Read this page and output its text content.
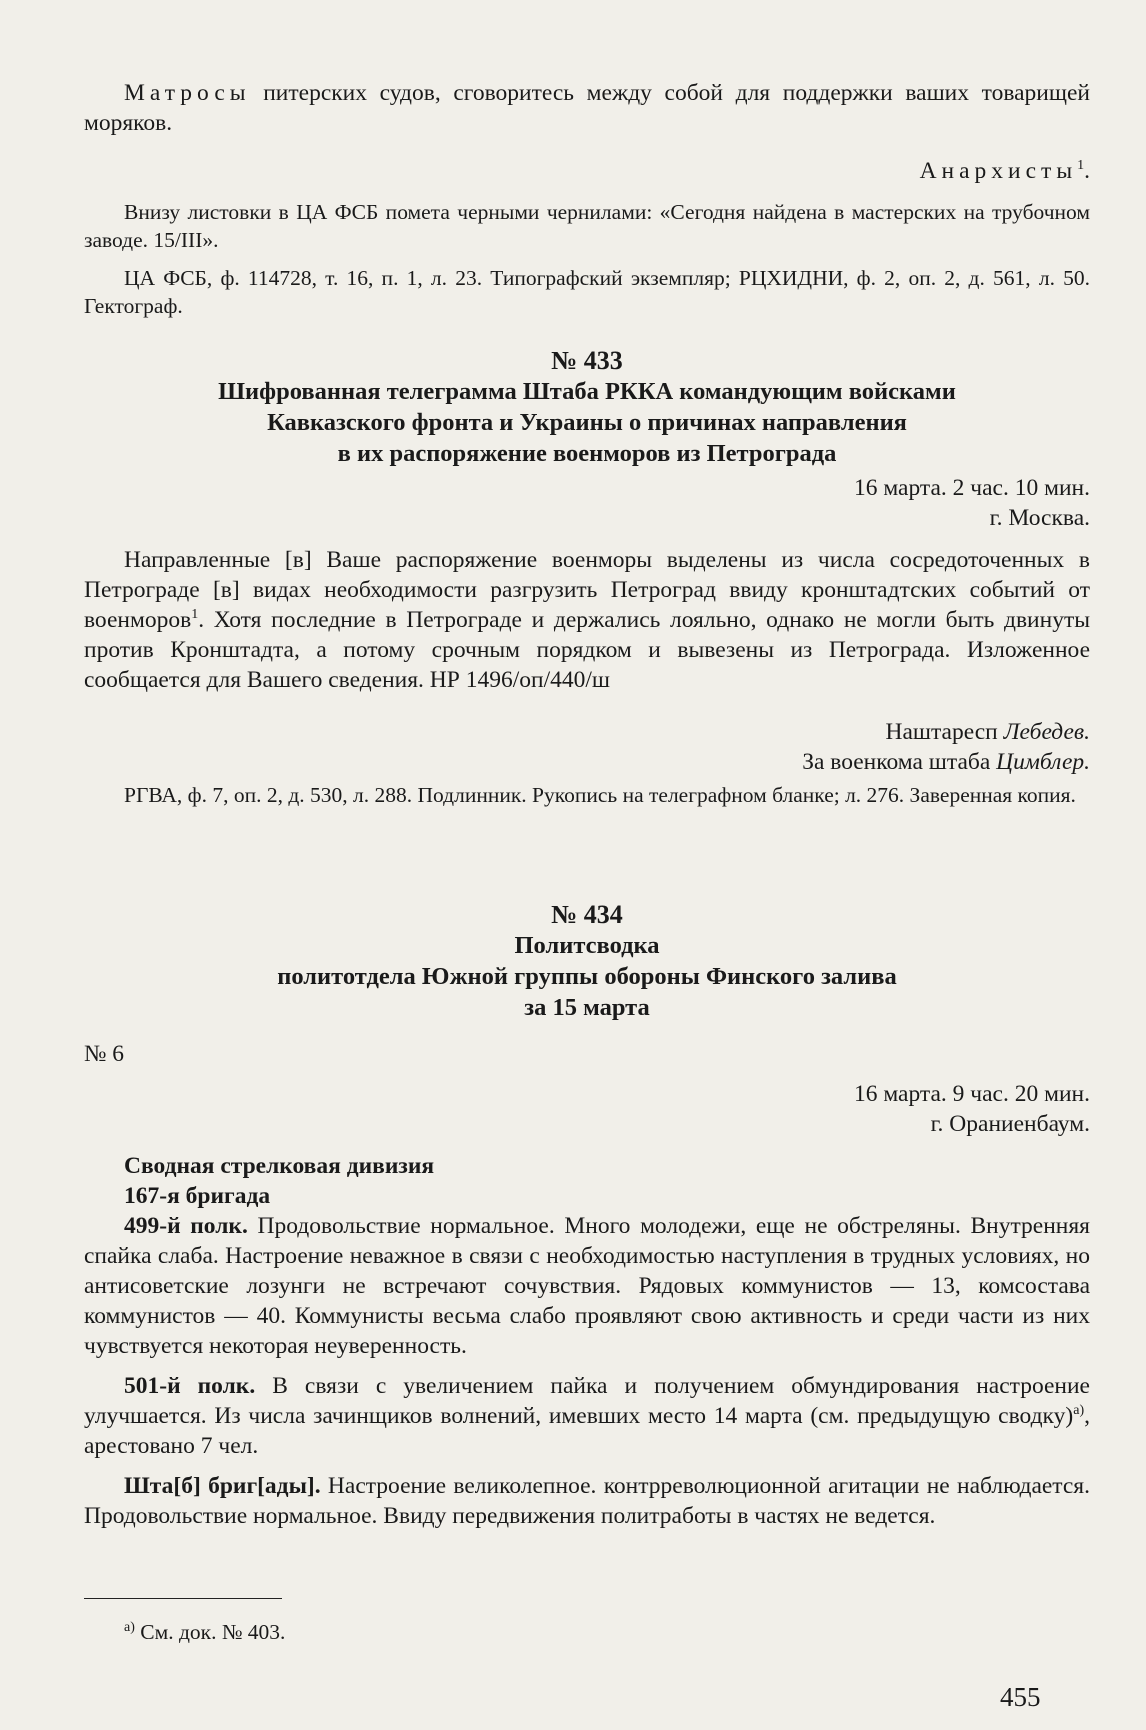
Матросы питерских судов, сговоритесь между собой для поддержки ваших товарищей моряков.

Анархисты$^1$.

Внизу листовки в ЦА ФСБ помета черными чернилами: «Сегодня найдена в мастерских на трубочном заводе. 15/III».

ЦА ФСБ, ф. 114728, т. 16, п. 1, л. 23. Типографский экземпляр; РЦХИДНИ, ф. 2, оп. 2, д. 561, л. 50. Гектограф.

№ 433

Шифрованная телеграмма Штаба РККА командующим войсками

Кавказского фронта и Украины о причинах направления

в их распоряжение военморов из Петрограда

16 марта. 2 час. 10 мин.

г. Москва.

Направленные [в] Ваше распоряжение военморы выделены из числа сосредоточенных в Петрограде [в] видах необходимости разгрузить Петроград ввиду кронштадтских событий от военморов$^1$. Хотя последние в Петрограде и держались лояльно, однако не могли быть двинуты против Кронштадта, а потому срочным порядком и вывезены из Петрограда. Изложенное сообщается для Вашего сведения. НР 1496/оп/440/ш

Наштаресп Лебедев.

За военкома штаба Цимблер.

РГВА, ф. 7, оп. 2, д. 530, л. 288. Подлинник. Рукопись на телеграфном бланке; л. 276. Заверенная копия.

№ 434

Политсводка

политотдела Южной группы обороны Финского залива

за 15 марта

№ 6

16 марта. 9 час. 20 мин.

г. Ораниенбаум.

Сводная стрелковая дивизия

167-я бригада

499-й полк. Продовольствие нормальное. Много молодежи, еще не обстреляны. Внутренняя спайка слаба. Настроение неважное в связи с необходимостью наступления в трудных условиях, но антисоветские лозунги не встречают сочувствия. Рядовых коммунистов — 13, комсостава коммунистов — 40. Коммунисты весьма слабо проявляют свою активность и среди части из них чувствуется некоторая неуверенность.

501-й полк. В связи с увеличением пайка и получением обмундирования настроение улучшается. Из числа зачинщиков волнений, имевших место 14 марта (см. предыдущую сводку)$^{а)}$, арестовано 7 чел.

Шта[б] бриг[ады]. Настроение великолепное. контрреволюционной агитации не наблюдается. Продовольствие нормальное. Ввиду передвижения политработы в частях не ведется.

$^{а)}$ См. док. № 403.

455
